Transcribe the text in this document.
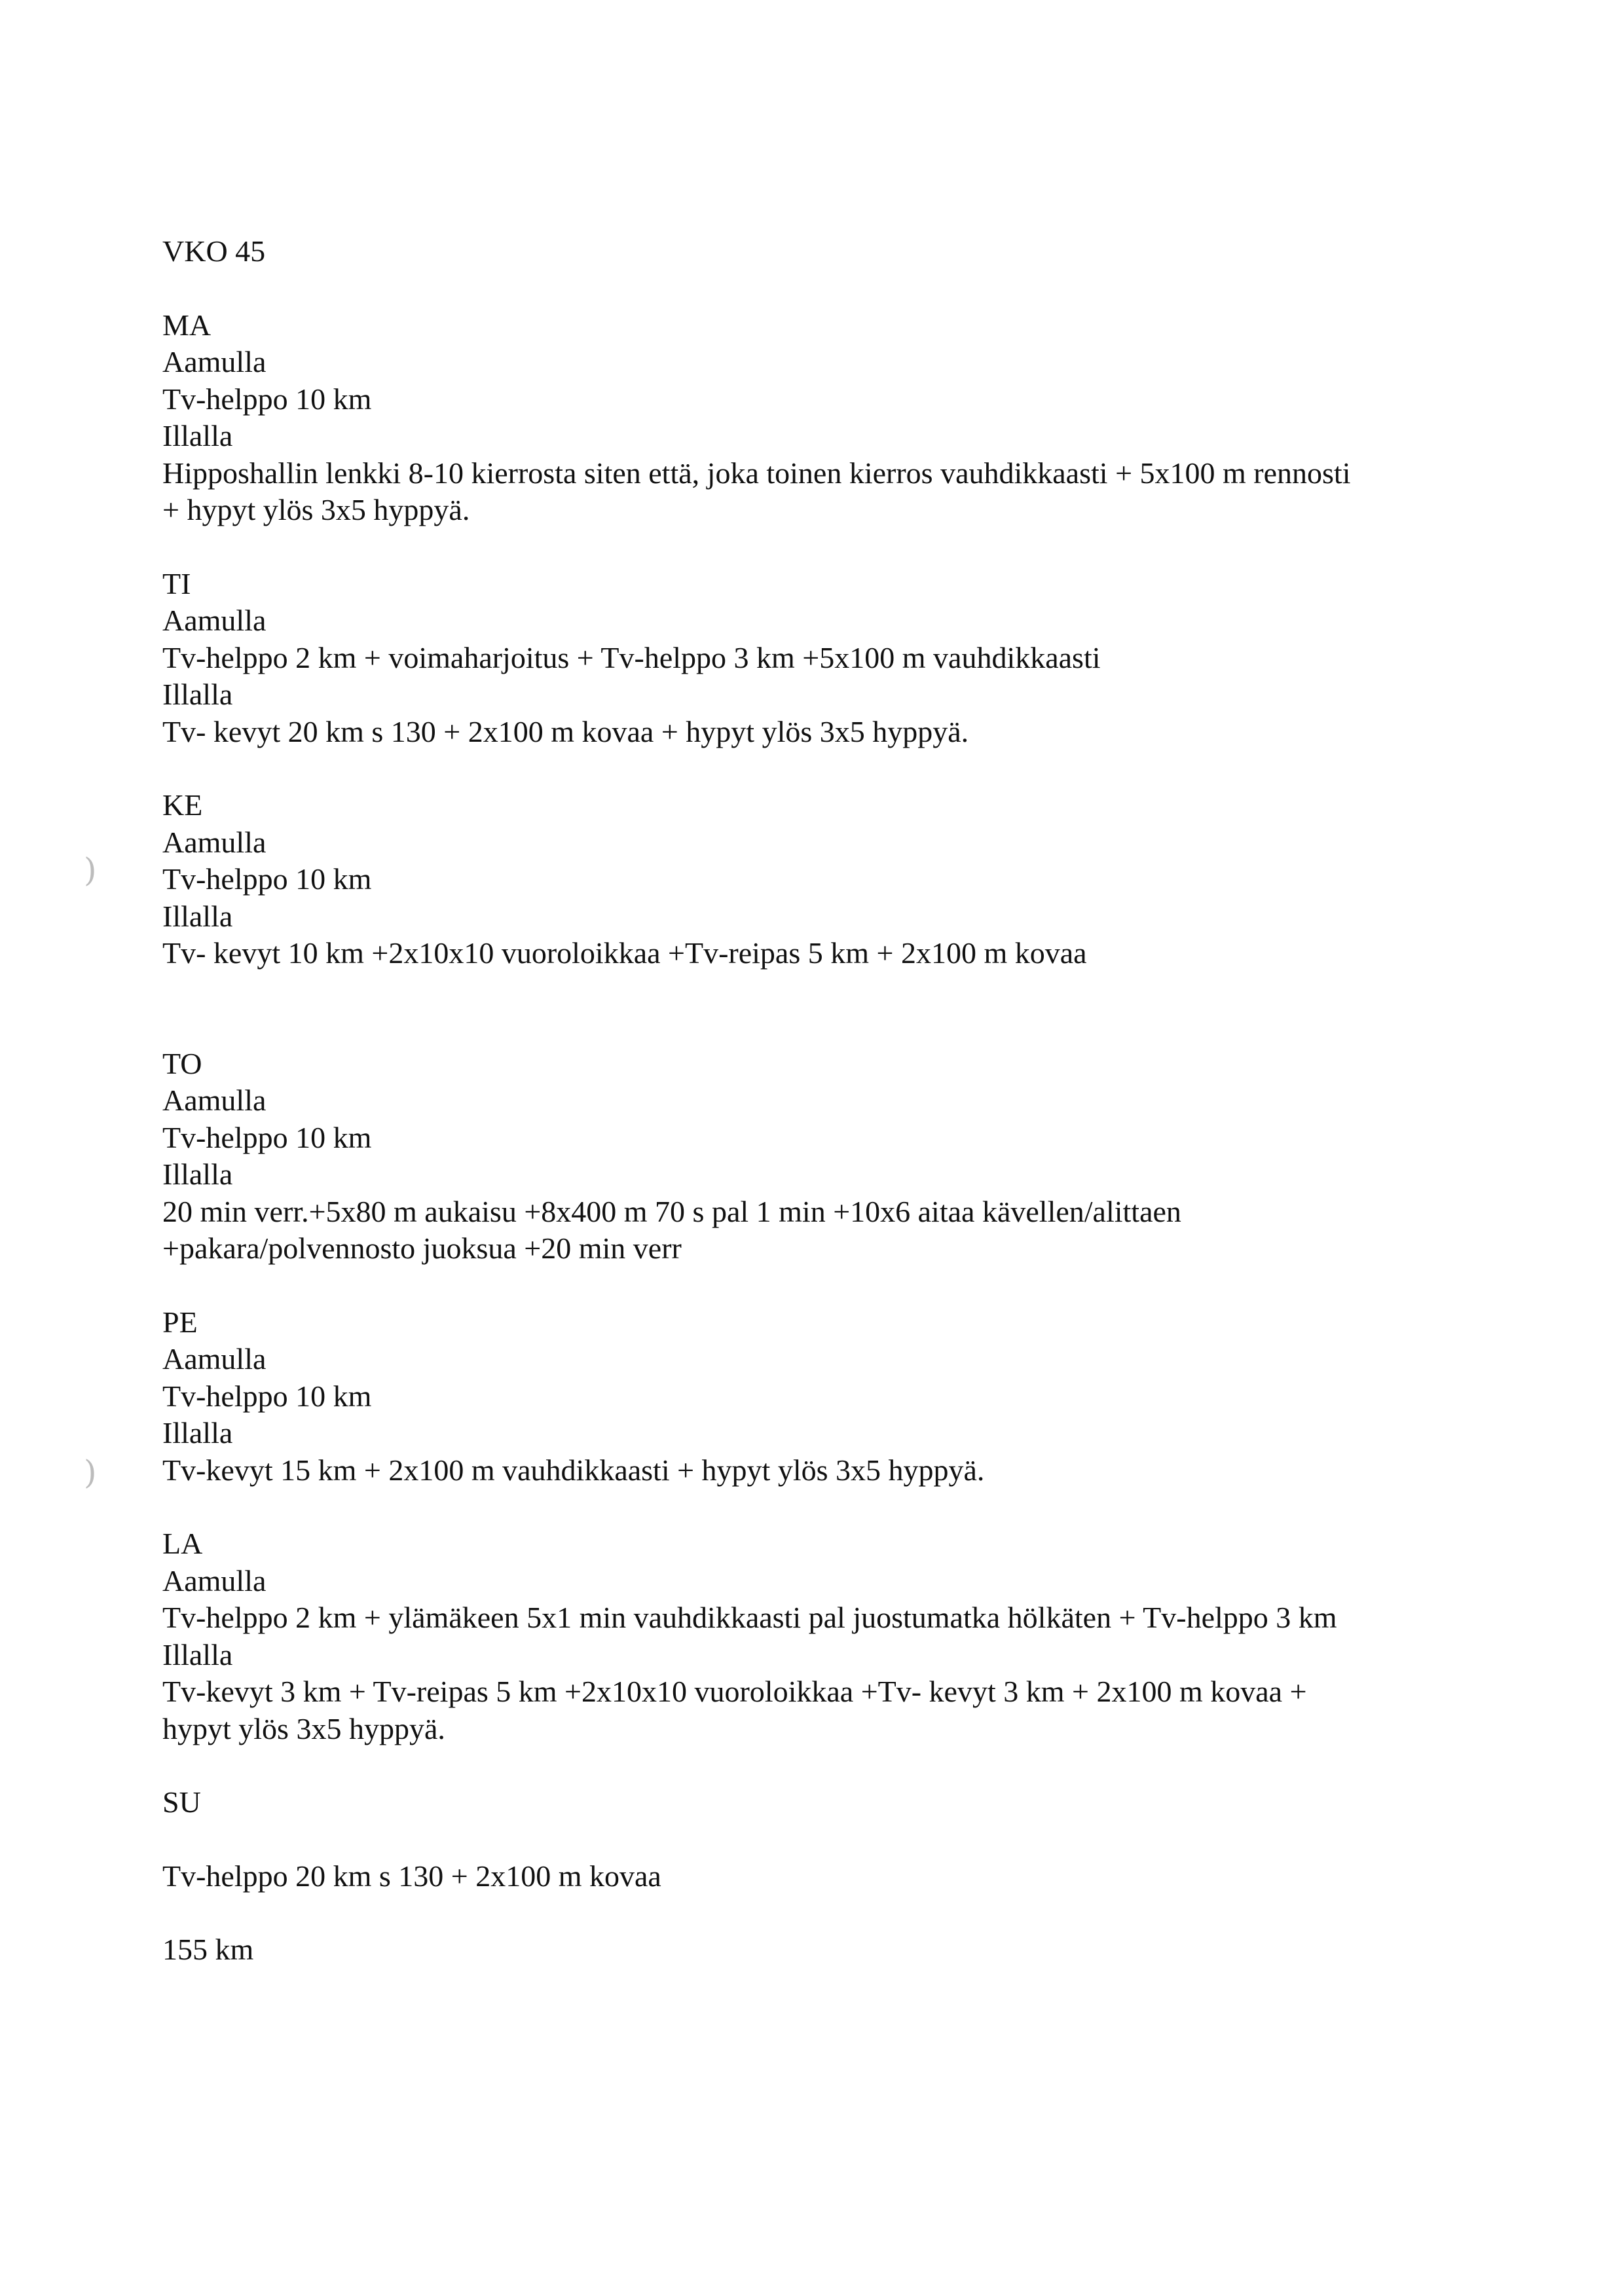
)
)

VKO 45

MA

Aamulla

Tv-helppo 10 km

Illalla

Hipposhallin lenkki 8-10 kierrosta siten että, joka toinen kierros vauhdikkaasti + 5x100 m rennosti

+ hypyt ylös 3x5 hyppyä.

TI

Aamulla

Tv-helppo 2 km + voimaharjoitus + Tv-helppo 3 km +5x100 m vauhdikkaasti

Illalla

Tv- kevyt 20 km s 130 + 2x100 m kovaa + hypyt ylös 3x5 hyppyä.

KE

Aamulla

Tv-helppo 10 km

Illalla

Tv- kevyt 10 km +2x10x10 vuoroloikkaa +Tv-reipas 5 km + 2x100 m kovaa

TO

Aamulla

Tv-helppo 10 km

Illalla

20 min verr.+5x80 m aukaisu +8x400 m 70 s pal 1 min +10x6 aitaa kävellen/alittaen

+pakara/polvennosto juoksua +20 min verr

PE

Aamulla

Tv-helppo 10 km

Illalla

Tv-kevyt 15 km + 2x100 m vauhdikkaasti + hypyt ylös 3x5 hyppyä.

LA

Aamulla

Tv-helppo 2 km + ylämäkeen 5x1 min vauhdikkaasti pal juostumatka hölkäten + Tv-helppo 3 km

Illalla

Tv-kevyt 3 km + Tv-reipas 5 km +2x10x10 vuoroloikkaa +Tv- kevyt 3 km + 2x100 m kovaa +

hypyt ylös 3x5 hyppyä.

SU

Tv-helppo 20 km s 130 + 2x100 m kovaa

155 km
